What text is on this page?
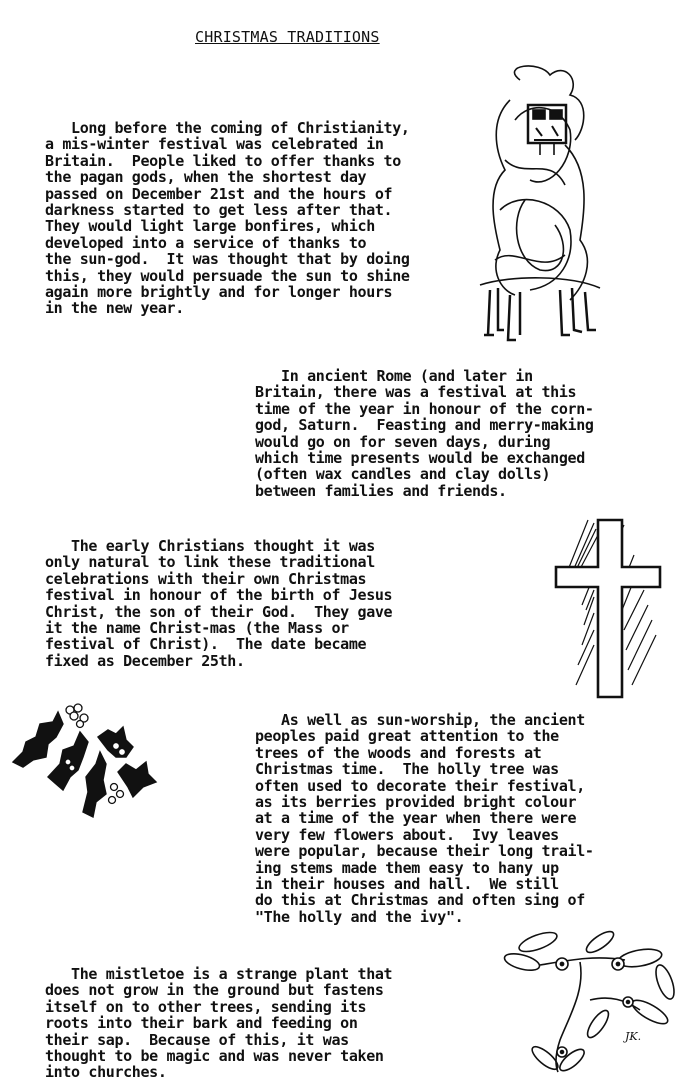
CHRISTMAS TRADITIONS

Long before the coming of Christianity,
a mis-winter festival was celebrated in
Britain.  People liked to offer thanks to
the pagan gods, when the shortest day
passed on December 21st and the hours of
darkness started to get less after that.
They would light large bonfires, which
developed into a service of thanks to
the sun-god.  It was thought that by doing
this, they would persuade the sun to shine
again more brightly and for longer hours
in the new year.

In ancient Rome (and later in
Britain, there was a festival at this
time of the year in honour of the corn-
god, Saturn.  Feasting and merry-making
would go on for seven days, during
which time presents would be exchanged
(often wax candles and clay dolls)
between families and friends.

The early Christians thought it was
only natural to link these traditional
celebrations with their own Christmas
festival in honour of the birth of Jesus
Christ, the son of their God.  They gave
it the name Christ-mas (the Mass or
festival of Christ).  The date became
fixed as December 25th.

As well as sun-worship, the ancient
peoples paid great attention to the
trees of the woods and forests at
Christmas time.  The holly tree was
often used to decorate their festival,
as its berries provided bright colour
at a time of the year when there were
very few flowers about.  Ivy leaves
were popular, because their long trail-
ing stems made them easy to hany up
in their houses and hall.  We still
do this at Christmas and often sing of
"The holly and the ivy".

The mistletoe is a strange plant that
does not grow in the ground but fastens
itself on to other trees, sending its
roots into their bark and feeding on
their sap.  Because of this, it was
thought to be magic and was never taken
into churches.

JK.
